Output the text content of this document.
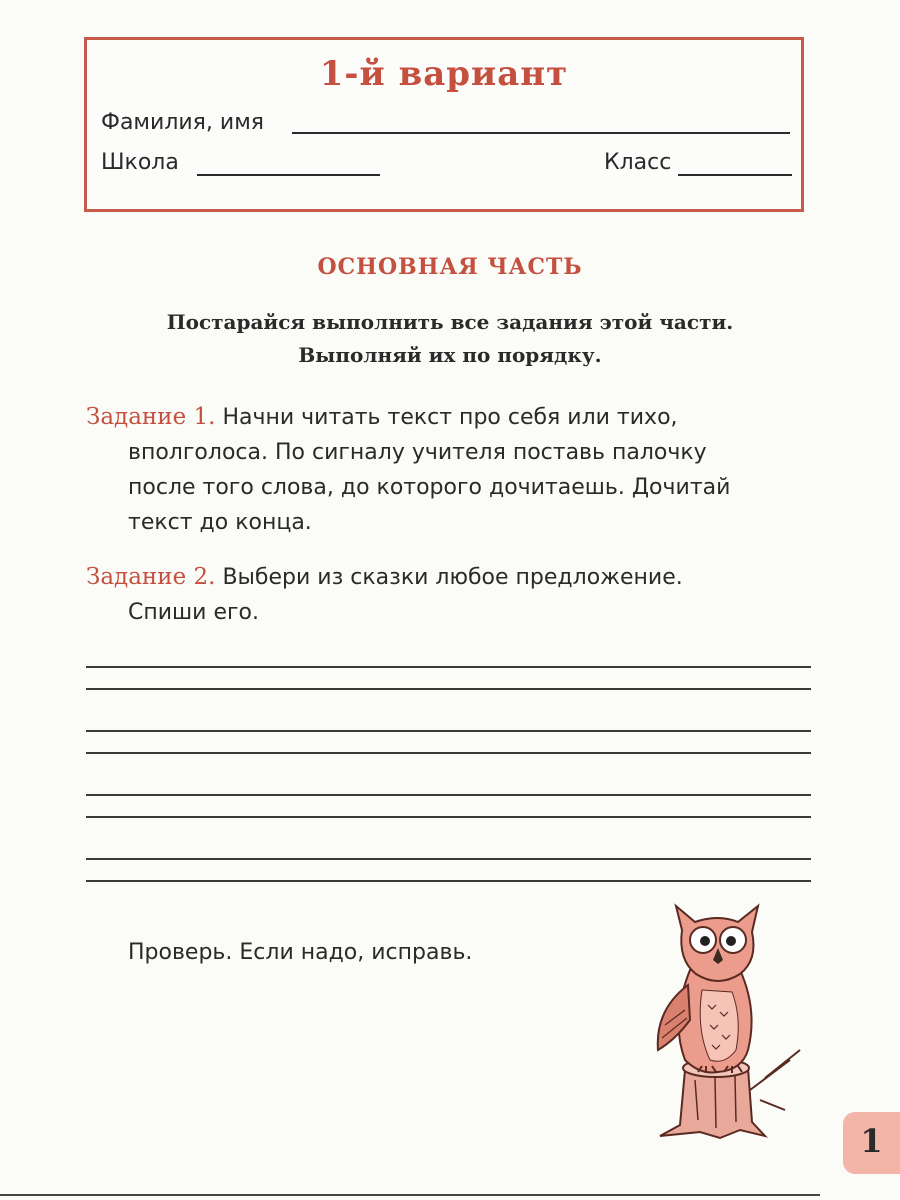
1-й вариант
Фамилия, имя
Школа	Класс
ОСНОВНАЯ ЧАСТЬ
Постарайся выполнить все задания этой части.
Выполняй их по порядку.
Задание 1. Начни читать текст про себя или тихо,
вполголоса. По сигналу учителя поставь палочку
после того слова, до которого дочитаешь. Дочитай
текст до конца.
Задание 2. Выбери из сказки любое предложение.
Спиши его.
Проверь. Если надо, исправь.
1
